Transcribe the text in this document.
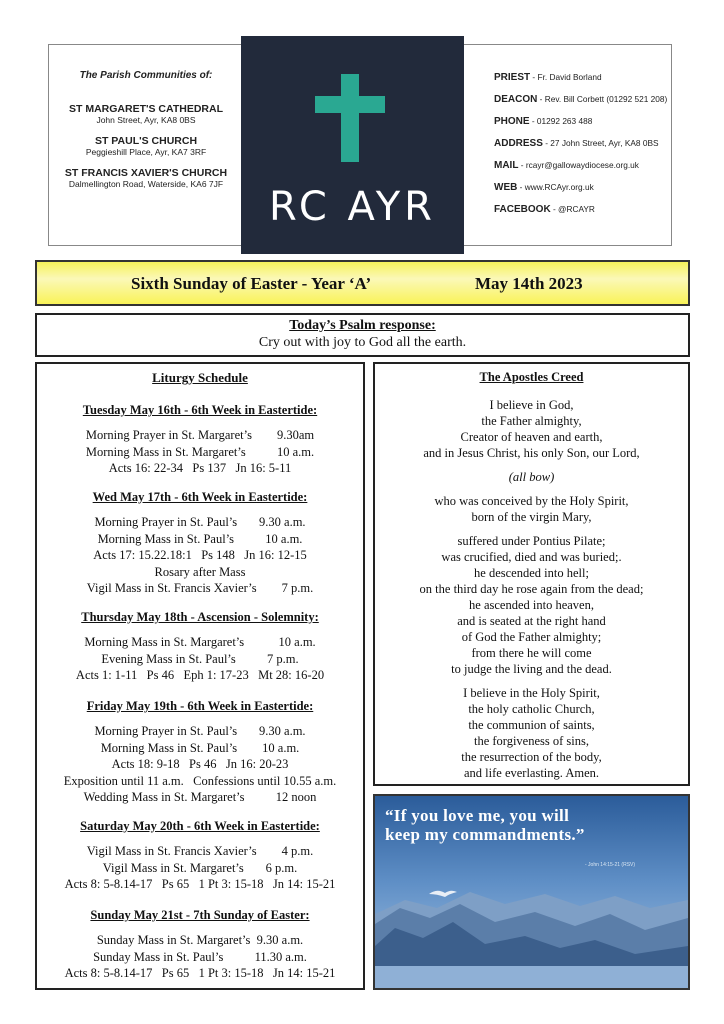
The Parish Communities of:
ST MARGARET'S CATHEDRAL
John Street, Ayr, KA8 0BS
ST PAUL'S CHURCH
Peggieshill Place, Ayr, KA7 3RF
ST FRANCIS XAVIER'S CHURCH
Dalmellington Road, Waterside, KA6 7JF	RC AYR
PRIEST - Fr. David Borland
DEACON - Rev. Bill Corbett (01292 521 208)
PHONE - 01292 263 488
ADDRESS - 27 John Street, Ayr, KA8 0BS
MAIL - rcayr@gallowaydiocese.org.uk
WEB - www.RCAyr.org.uk
FACEBOOK - @RCAYR
Sixth Sunday of Easter - Year ‘A’	May 14th 2023
Today’s Psalm response:
Cry out with joy to God all the earth.
Liturgy Schedule
Tuesday May 16th - 6th Week in Eastertide:
Morning Prayer in St. Margaret’s        9.30am
Morning Mass in St. Margaret’s          10 a.m.
Acts 16: 22-34   Ps 137   Jn 16: 5-11
Wed May 17th - 6th Week in Eastertide:
Morning Prayer in St. Paul’s       9.30 a.m.
Morning Mass in St. Paul’s          10 a.m.
Acts 17: 15.22.18:1   Ps 148   Jn 16: 12-15
Rosary after Mass
Vigil Mass in St. Francis Xavier’s        7 p.m.
Thursday May 18th - Ascension - Solemnity:
Morning Mass in St. Margaret’s           10 a.m.
Evening Mass in St. Paul’s          7 p.m.
Acts 1: 1-11   Ps 46   Eph 1: 17-23   Mt 28: 16-20
Friday May 19th - 6th Week in Eastertide:
Morning Prayer in St. Paul’s       9.30 a.m.
Morning Mass in St. Paul’s        10 a.m.
Acts 18: 9-18   Ps 46   Jn 16: 20-23
Exposition until 11 a.m.   Confessions until 10.55 a.m.
Wedding Mass in St. Margaret’s          12 noon
Saturday May 20th - 6th Week in Eastertide:
Vigil Mass in St. Francis Xavier’s        4 p.m.
Vigil Mass in St. Margaret’s       6 p.m.
Acts 8: 5-8.14-17   Ps 65   1 Pt 3: 15-18   Jn 14: 15-21
Sunday May 21st - 7th Sunday of Easter:
Sunday Mass in St. Margaret’s  9.30 a.m.
Sunday Mass in St. Paul’s          11.30 a.m.
Acts 8: 5-8.14-17   Ps 65   1 Pt 3: 15-18   Jn 14: 15-21
The Apostles Creed
I believe in God,
the Father almighty,
Creator of heaven and earth,
and in Jesus Christ, his only Son, our Lord,
(all bow)
who was conceived by the Holy Spirit,
born of the virgin Mary,
suffered under Pontius Pilate;
was crucified, died and was buried;.
he descended into hell;
on the third day he rose again from the dead;
he ascended into heaven,
and is seated at the right hand
of God the Father almighty;
from there he will come
to judge the living and the dead.
I believe in the Holy Spirit,
the holy catholic Church,
the communion of saints,
the forgiveness of sins,
the resurrection of the body,
and life everlasting. Amen.
“If you love me, you will
keep my commandments.”
- John 14:15-21 (RSV)
